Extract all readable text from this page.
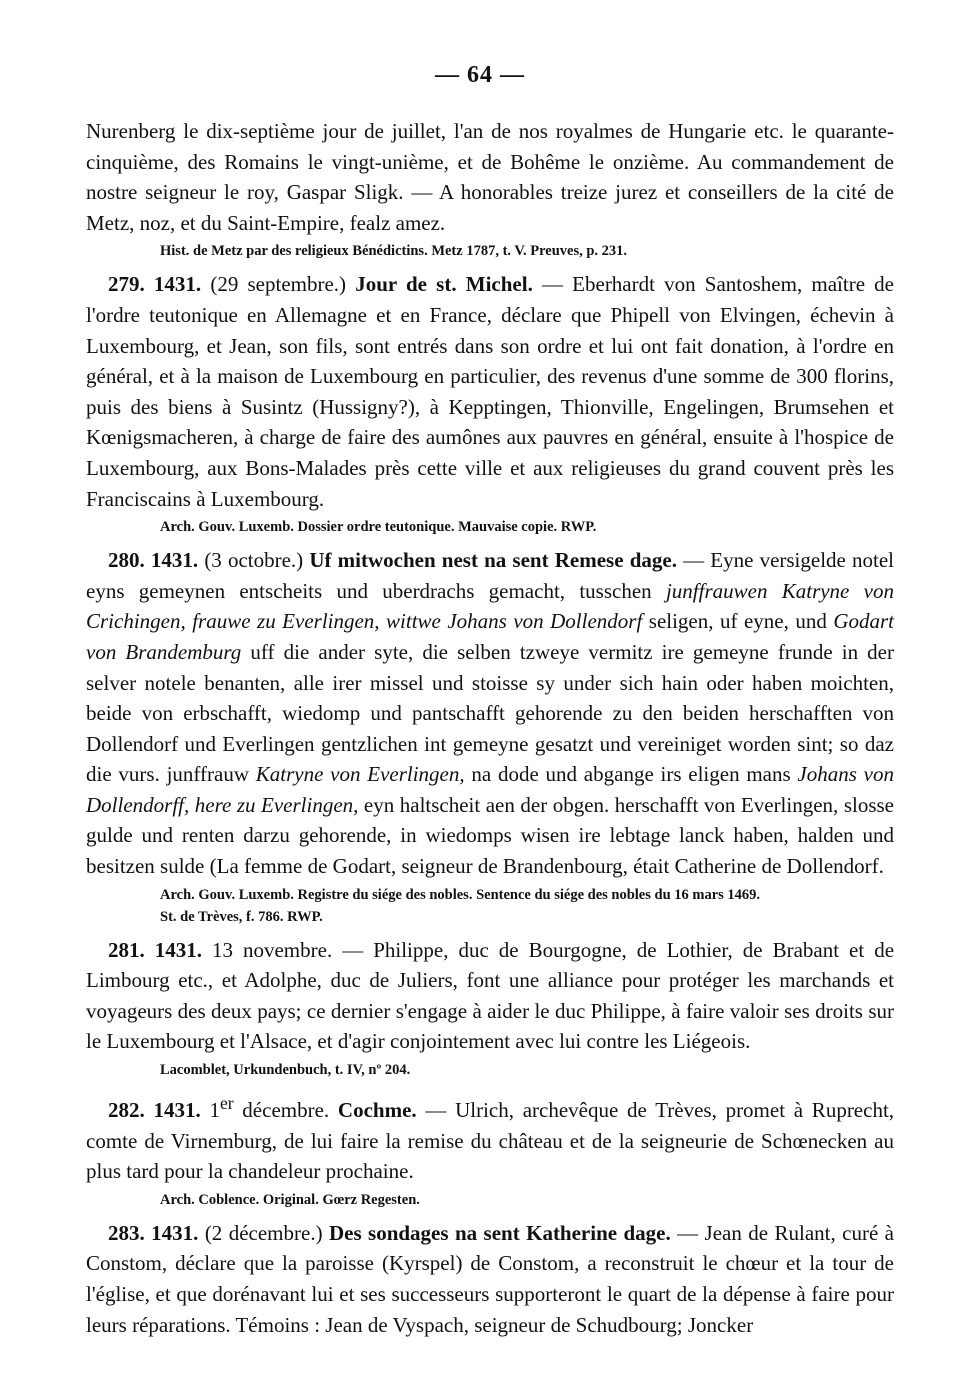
— 64 —

Nurenberg le dix-septième jour de juillet, l'an de nos royalmes de Hungarie etc. le quarante-cinquième, des Romains le vingt-unième, et de Bohême le onzième. Au commandement de nostre seigneur le roy, Gaspar Sligk. — A honorables treize jurez et conseillers de la cité de Metz, noz, et du Saint-Empire, fealz amez.

Hist. de Metz par des religieux Bénédictins. Metz 1787, t. V. Preuves, p. 231.

279. 1431. (29 septembre.) Jour de st. Michel. — Eberhardt von Santoshem, maître de l'ordre teutonique en Allemagne et en France, déclare que Phipell von Elvingen, échevin à Luxembourg, et Jean, son fils, sont entrés dans son ordre et lui ont fait donation, à l'ordre en général, et à la maison de Luxembourg en particulier, des revenus d'une somme de 300 florins, puis des biens à Susintz (Hussigny?), à Kepptingen, Thionville, Engelingen, Brumsehen et Kœnigsmacheren, à charge de faire des aumônes aux pauvres en général, ensuite à l'hospice de Luxembourg, aux Bons-Malades près cette ville et aux religieuses du grand couvent près les Franciscains à Luxembourg.

Arch. Gouv. Luxemb. Dossier ordre teutonique. Mauvaise copie. RWP.

280. 1431. (3 octobre.) Uf mitwochen nest na sent Remese dage. — Eyne versigelde notel eyns gemeynen entscheits und uberdrachs gemacht, tusschen junffrauwen Katryne von Crichingen, frauwe zu Everlingen, wittwe Johans von Dollendorf seligen, uf eyne, und Godart von Brandemburg uff die ander syte, die selben tzweye vermitz ire gemeyne frunde in der selver notele benanten, alle irer missel und stoisse sy under sich hain oder haben moichten, beide von erbschafft, wiedomp und pantschafft gehorende zu den beiden herschafften von Dollendorf und Everlingen gentzlichen int gemeyne gesatzt und vereiniget worden sint; so daz die vurs. junffrauw Katryne von Everlingen, na dode und abgange irs eligen mans Johans von Dollendorff, here zu Everlingen, eyn haltscheit aen der obgen. herschafft von Everlingen, slosse gulde und renten darzu gehorende, in wiedomps wisen ire lebtage lanck haben, halden und besitzen sulde (La femme de Godart, seigneur de Brandenbourg, était Catherine de Dollendorf.

Arch. Gouv. Luxemb. Registre du siége des nobles. Sentence du siége des nobles du 16 mars 1469.
St. de Trèves, f. 786. RWP.

281. 1431. 13 novembre. — Philippe, duc de Bourgogne, de Lothier, de Brabant et de Limbourg etc., et Adolphe, duc de Juliers, font une alliance pour protéger les marchands et voyageurs des deux pays; ce dernier s'engage à aider le duc Philippe, à faire valoir ses droits sur le Luxembourg et l'Alsace, et d'agir conjointement avec lui contre les Liégeois.

Lacomblet, Urkundenbuch, t. IV, nº 204.

282. 1431. 1er décembre. Cochme. — Ulrich, archevêque de Trèves, promet à Ruprecht, comte de Virnemburg, de lui faire la remise du château et de la seigneurie de Schœnecken au plus tard pour la chandeleur prochaine.

Arch. Coblence. Original. Gœrz Regesten.

283. 1431. (2 décembre.) Des sondages na sent Katherine dage. — Jean de Rulant, curé à Constom, déclare que la paroisse (Kyrspel) de Constom, a reconstruit le chœur et la tour de l'église, et que dorénavant lui et ses successeurs supporteront le quart de la dépense à faire pour leurs réparations. Témoins : Jean de Vyspach, seigneur de Schudbourg; Joncker
